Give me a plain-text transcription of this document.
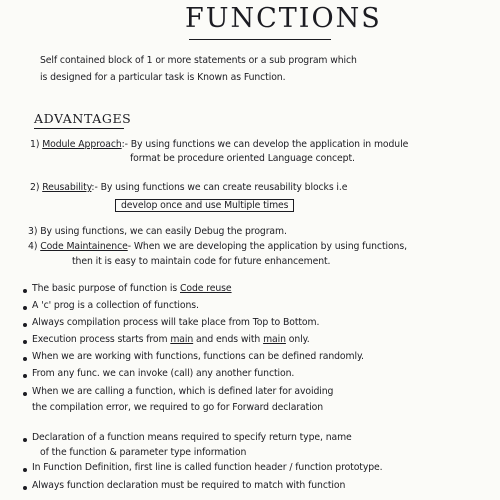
FUNCTIONS
Self contained block of 1 or more statements or a sub program which
is designed for a particular task is Known as Function.
ADVANTAGES
1) Module Approach:- By using functions we can develop the application in module
format be procedure oriented Language concept.
2) Reusability:- By using functions we can create reusability blocks i.e
develop once and use Multiple times
3) By using functions, we can easily Debug the program.
4) Code Maintainence- When we are developing the application by using functions,
then it is easy to maintain code for future enhancement.
The basic purpose of function is Code reuse
A 'c' prog is a collection of functions.
Always compilation process will take place from Top to Bottom.
Execution process starts from main and ends with main only.
When we are working with functions, functions can be defined randomly.
From any func. we can invoke (call) any another function.
When we are calling a function, which is defined later for avoiding
the compilation error, we required to go for Forward declaration
Declaration of a function means required to specify return type, name
of the function & parameter type information
In Function Definition, first line is called function header / function prototype.
Always function declaration must be required to match with function
